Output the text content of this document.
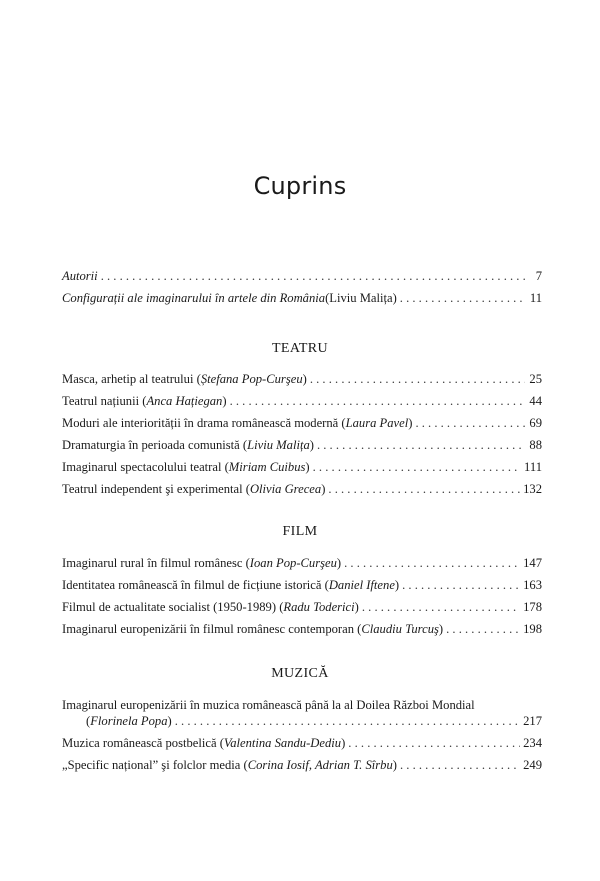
Cuprins
Autorii . . .	7
Configurații ale imaginarului în artele din România (Liviu Malița) . . .	11
TEATRU
Masca, arhetip al teatrului ( Ștefana Pop-Curşeu ) . . .	25
Teatrul națiunii ( Anca Hațiegan ) . . .	44
Moduri ale interiorității în drama românească modernă ( Laura Pavel ) . . .	69
Dramaturgia în perioada comunistă ( Liviu Malița ) . . .	88
Imaginarul spectacolului teatral ( Miriam Cuibus ) . . .	111
Teatrul independent şi experimental ( Olivia Grecea ) . . .	132
FILM
Imaginarul rural în filmul românesc ( Ioan Pop-Curşeu ) . . .	147
Identitatea românească în filmul de ficțiune istorică ( Daniel Iftene ) . . .	163
Filmul de actualitate socialist (1950-1989) ( Radu Toderici ) . . .	178
Imaginarul europenizării în filmul românesc contemporan ( Claudiu Turcuş ) . . .	198
MUZICĂ
Imaginarul europenizării în muzica românească până la al Doilea Război Mondial
( Florinela Popa ) . . .	217
Muzica românească postbelică ( Valentina Sandu-Dediu ) . . .	234
„Specific național” şi folclor media ( Corina Iosif, Adrian T. Sîrbu ) . . .	249
